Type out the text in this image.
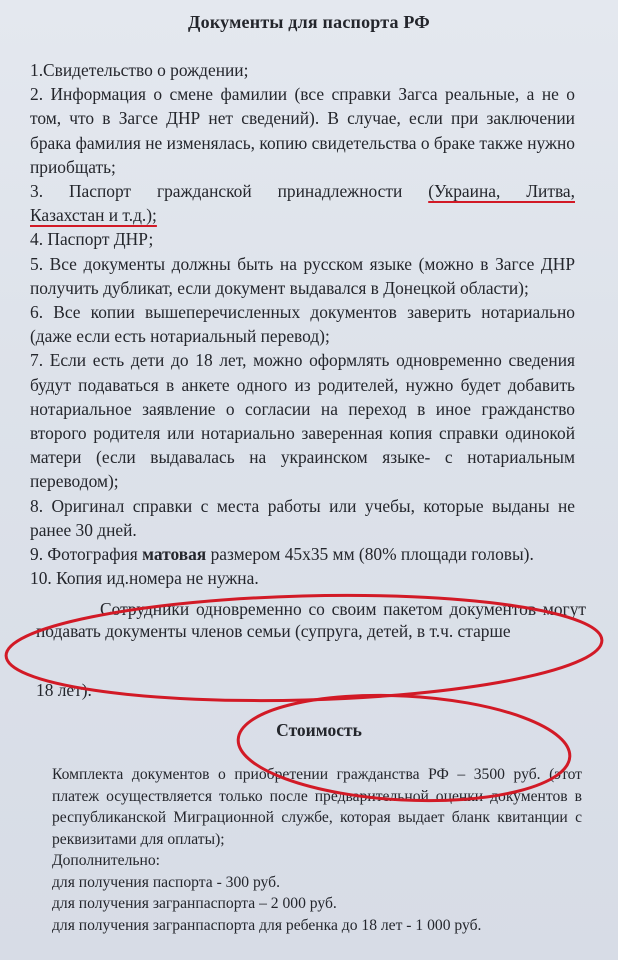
Документы для паспорта РФ

1.Свидетельство о рождении;

2. Информация о смене фамилии (все справки Загса реальные, а не о том, что в Загсе ДНР нет сведений). В случае, если при заключении брака фамилия не изменялась, копию свидетельства о браке также нужно приобщать;

3. Паспорт гражданской принадлежности (Украина, Литва,

Казахстан и т.д.);

4. Паспорт ДНР;

5. Все документы должны быть на русском языке (можно в Загсе ДНР получить дубликат, если документ выдавался в Донецкой области);

6. Все копии вышеперечисленных документов заверить нотариально (даже если есть нотариальный перевод);

7. Если есть дети до 18 лет, можно оформлять одновременно сведения будут подаваться в анкете одного из родителей, нужно будет добавить нотариальное заявление о согласии на переход в иное гражданство второго родителя или нотариально заверенная копия справки одинокой матери (если выдавалась на украинском языке- с нотариальным переводом);

8. Оригинал справки с места работы или учебы, которые выданы не ранее 30 дней.

9. Фотография матовая размером 45х35 мм (80% площади головы).

10. Копия ид.номера не нужна.

Сотрудники одновременно со своим пакетом документов могут подавать документы членов семьи (супруга, детей, в т.ч. старше
18 лет).
Стоимость

Комплекта документов о приобретении гражданства РФ – 3500 руб. (этот платеж осуществляется только после предварительной оценки документов в республиканской Миграционной службе, которая выдает бланк квитанции с реквизитами для оплаты);

Дополнительно:

для получения паспорта - 300 руб.

для получения загранпаспорта – 2 000 руб.

для получения загранпаспорта для ребенка до 18 лет - 1 000 руб.
